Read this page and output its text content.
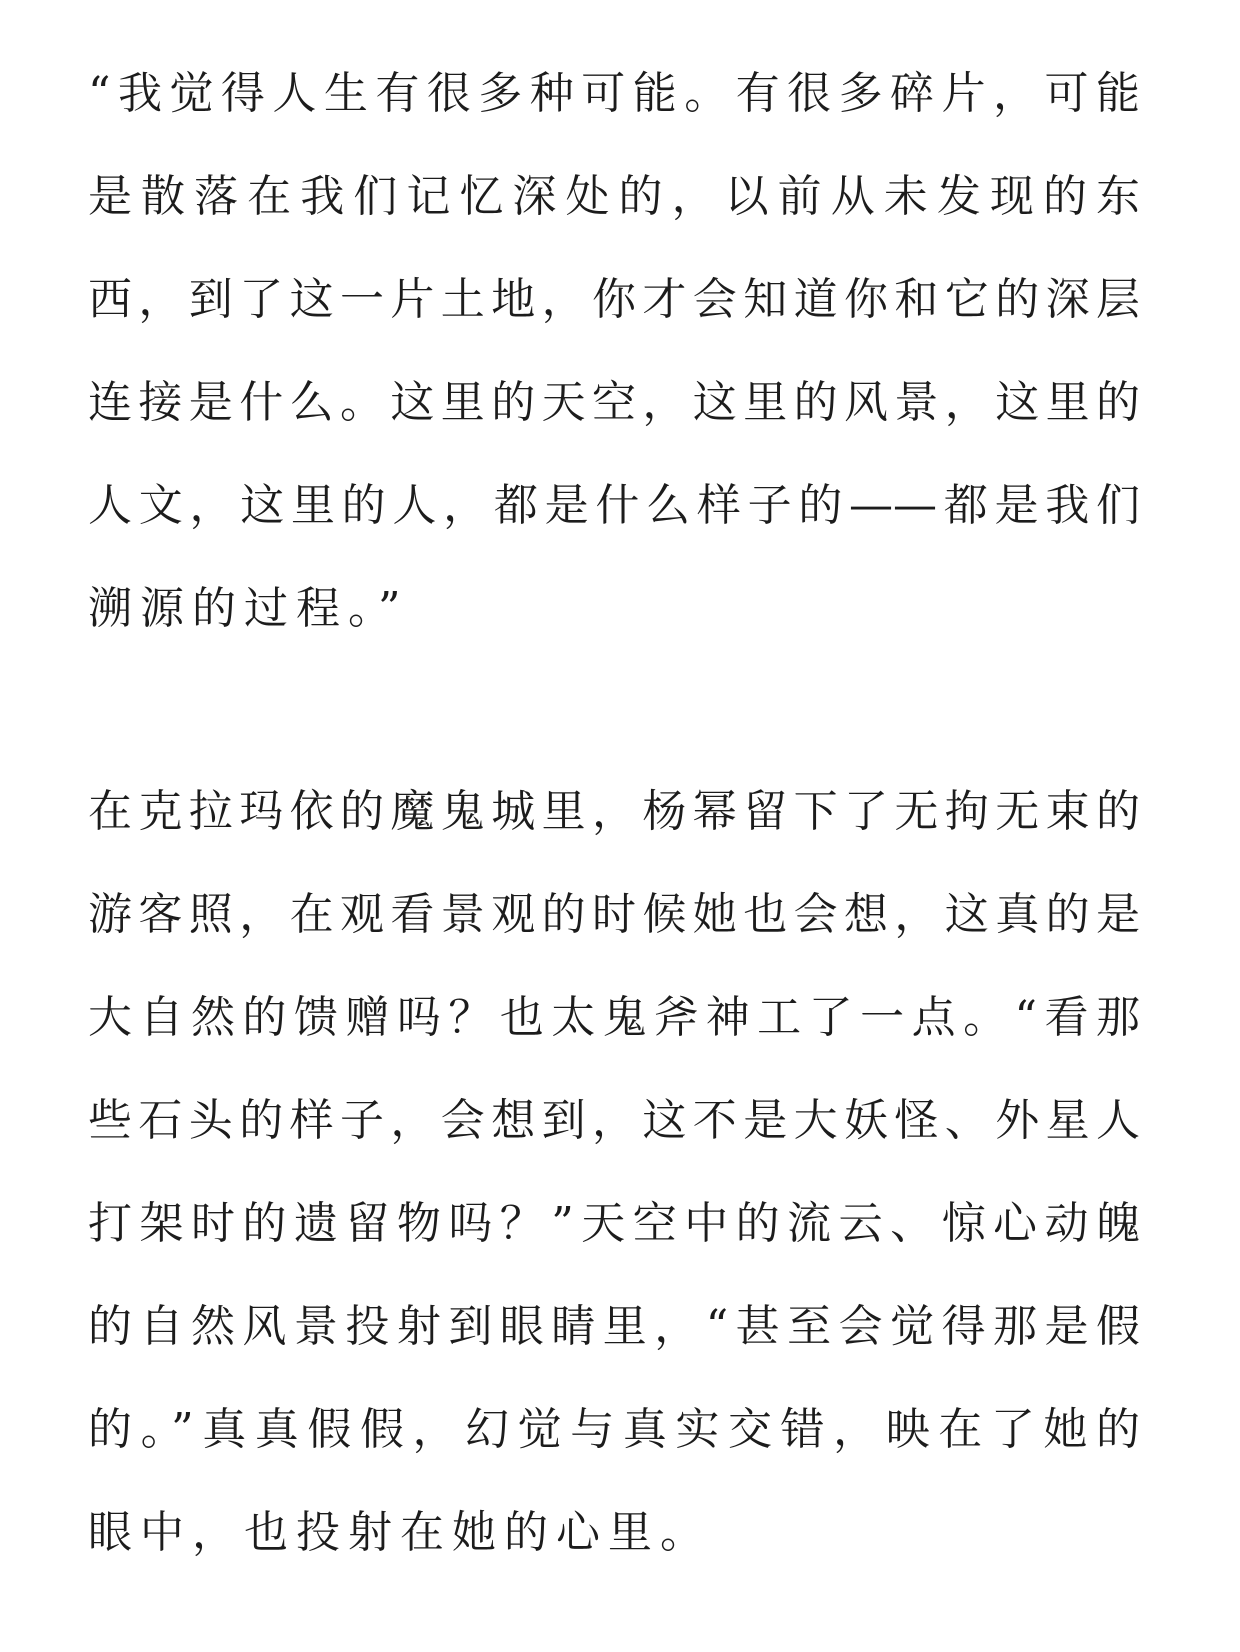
“我觉得人生有很多种可能。有很多碎片，可能
是散落在我们记忆深处的，以前从未发现的东
西，到了这一片土地，你才会知道你和它的深层
连接是什么。这里的天空，这里的风景，这里的
人文，这里的人，都是什么样子的——都是我们
溯源的过程。”
在克拉玛依的魔鬼城里，杨幂留下了无拘无束的
游客照，在观看景观的时候她也会想，这真的是
大自然的馈赠吗？也太鬼斧神工了一点。“看那
些石头的样子，会想到，这不是大妖怪、外星人
打架时的遗留物吗？”天空中的流云、惊心动魄
的自然风景投射到眼睛里，“甚至会觉得那是假
的。”真真假假，幻觉与真实交错，映在了她的
眼中，也投射在她的心里。
